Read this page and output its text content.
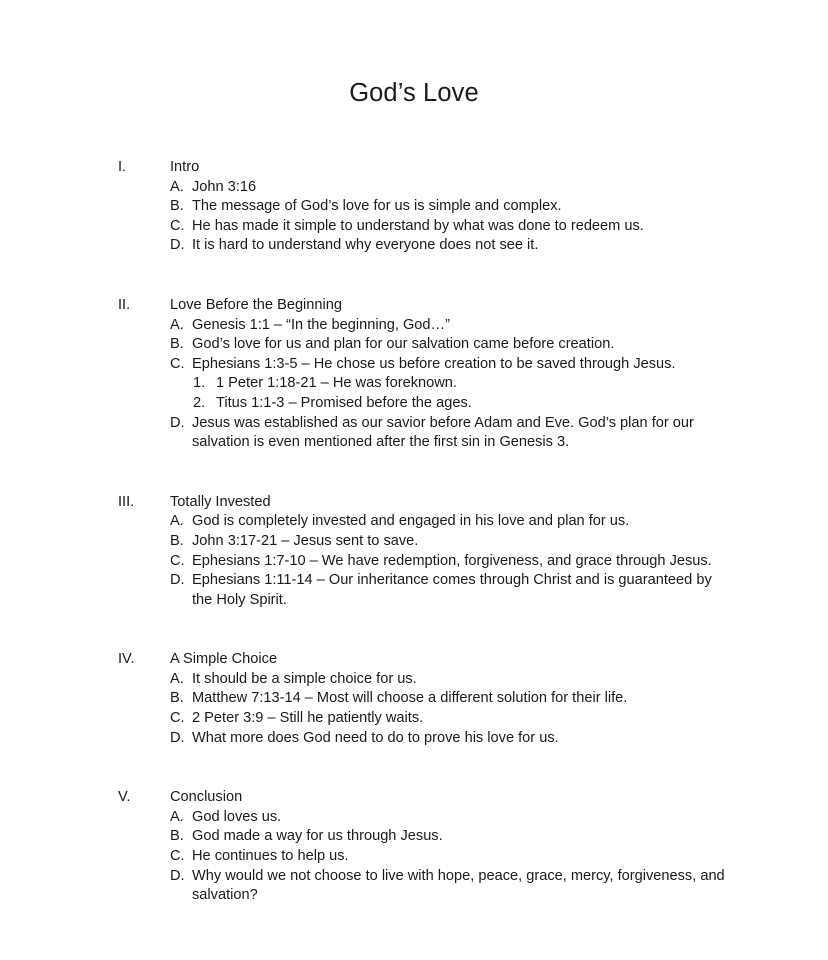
God’s Love
I.	Intro
A. John 3:16
B. The message of God’s love for us is simple and complex.
C. He has made it simple to understand by what was done to redeem us.
D. It is hard to understand why everyone does not see it.
II.	Love Before the Beginning
A. Genesis 1:1 – “In the beginning, God…”
B. God’s love for us and plan for our salvation came before creation.
C. Ephesians 1:3-5 – He chose us before creation to be saved through Jesus.
1. 1 Peter 1:18-21 – He was foreknown.
2. Titus 1:1-3 – Promised before the ages.
D. Jesus was established as our savior before Adam and Eve. God’s plan for our salvation is even mentioned after the first sin in Genesis 3.
III.	Totally Invested
A. God is completely invested and engaged in his love and plan for us.
B. John 3:17-21 – Jesus sent to save.
C. Ephesians 1:7-10 – We have redemption, forgiveness, and grace through Jesus.
D. Ephesians 1:11-14 – Our inheritance comes through Christ and is guaranteed by the Holy Spirit.
IV.	A Simple Choice
A. It should be a simple choice for us.
B. Matthew 7:13-14 – Most will choose a different solution for their life.
C. 2 Peter 3:9 – Still he patiently waits.
D. What more does God need to do to prove his love for us.
V.	Conclusion
A. God loves us.
B. God made a way for us through Jesus.
C. He continues to help us.
D. Why would we not choose to live with hope, peace, grace, mercy, forgiveness, and salvation?
